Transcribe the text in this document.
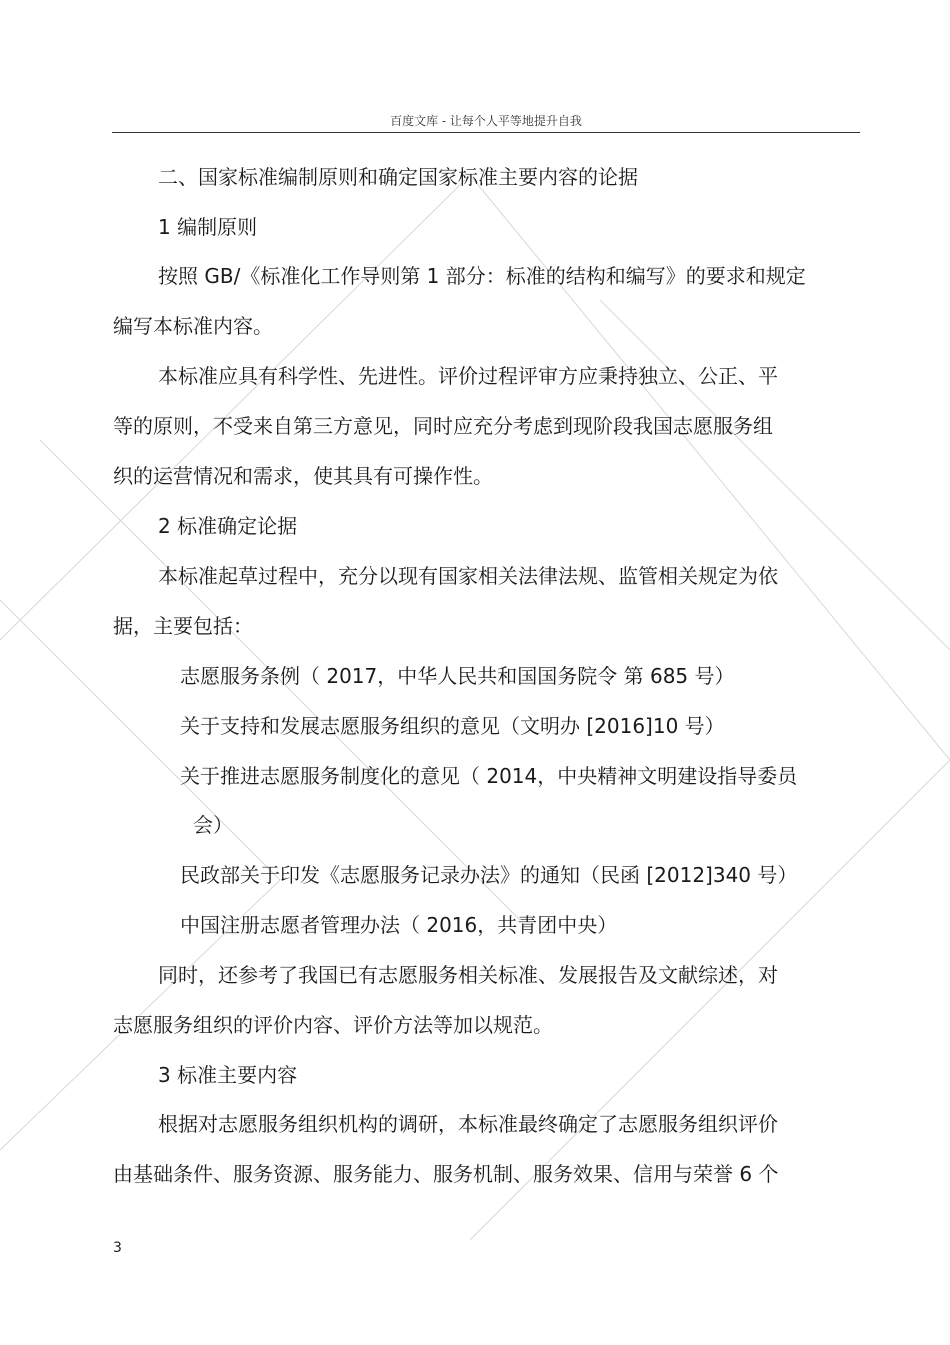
百度文库 - 让每个人平等地提升自我
二、国家标准编制原则和确定国家标准主要内容的论据
1 编制原则
按照 GB/《标准化工作导则第 1 部分：标准的结构和编写》的要求和规定
编写本标准内容。
本标准应具有科学性、先进性。评价过程评审方应秉持独立、公正、平
等的原则，不受来自第三方意见，同时应充分考虑到现阶段我国志愿服务组
织的运营情况和需求，使其具有可操作性。
2 标准确定论据
本标准起草过程中，充分以现有国家相关法律法规、监管相关规定为依
据，主要包括：
志愿服务条例（ 2017，中华人民共和国国务院令 第 685 号）
关于支持和发展志愿服务组织的意见（文明办 [2016]10 号）
关于推进志愿服务制度化的意见（ 2014，中央精神文明建设指导委员
会）
民政部关于印发《志愿服务记录办法》的通知（民函 [2012]340 号）
中国注册志愿者管理办法（ 2016，共青团中央）
同时，还参考了我国已有志愿服务相关标准、发展报告及文献综述，对
志愿服务组织的评价内容、评价方法等加以规范。
3 标准主要内容
根据对志愿服务组织机构的调研，本标准最终确定了志愿服务组织评价
由基础条件、服务资源、服务能力、服务机制、服务效果、信用与荣誉 6 个
3
